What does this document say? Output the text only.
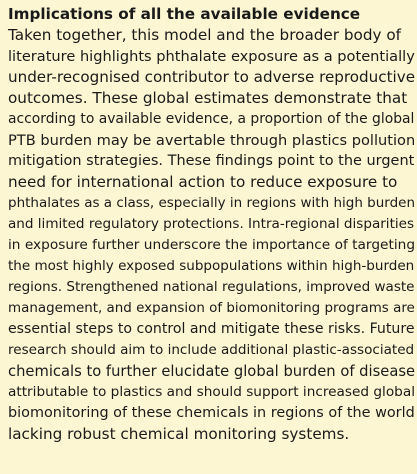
Implications of all the available evidence
Taken together, this model and the broader body of
literature highlights phthalate exposure as a potentially
under-recognised contributor to adverse reproductive
outcomes. These global estimates demonstrate that
according to available evidence, a proportion of the global
PTB burden may be avertable through plastics pollution
mitigation strategies. These findings point to the urgent
need for international action to reduce exposure to
phthalates as a class, especially in regions with high burden
and limited regulatory protections. Intra-regional disparities
in exposure further underscore the importance of targeting
the most highly exposed subpopulations within high-burden
regions. Strengthened national regulations, improved waste
management, and expansion of biomonitoring programs are
essential steps to control and mitigate these risks. Future
research should aim to include additional plastic-associated
chemicals to further elucidate global burden of disease
attributable to plastics and should support increased global
biomonitoring of these chemicals in regions of the world
lacking robust chemical monitoring systems.
